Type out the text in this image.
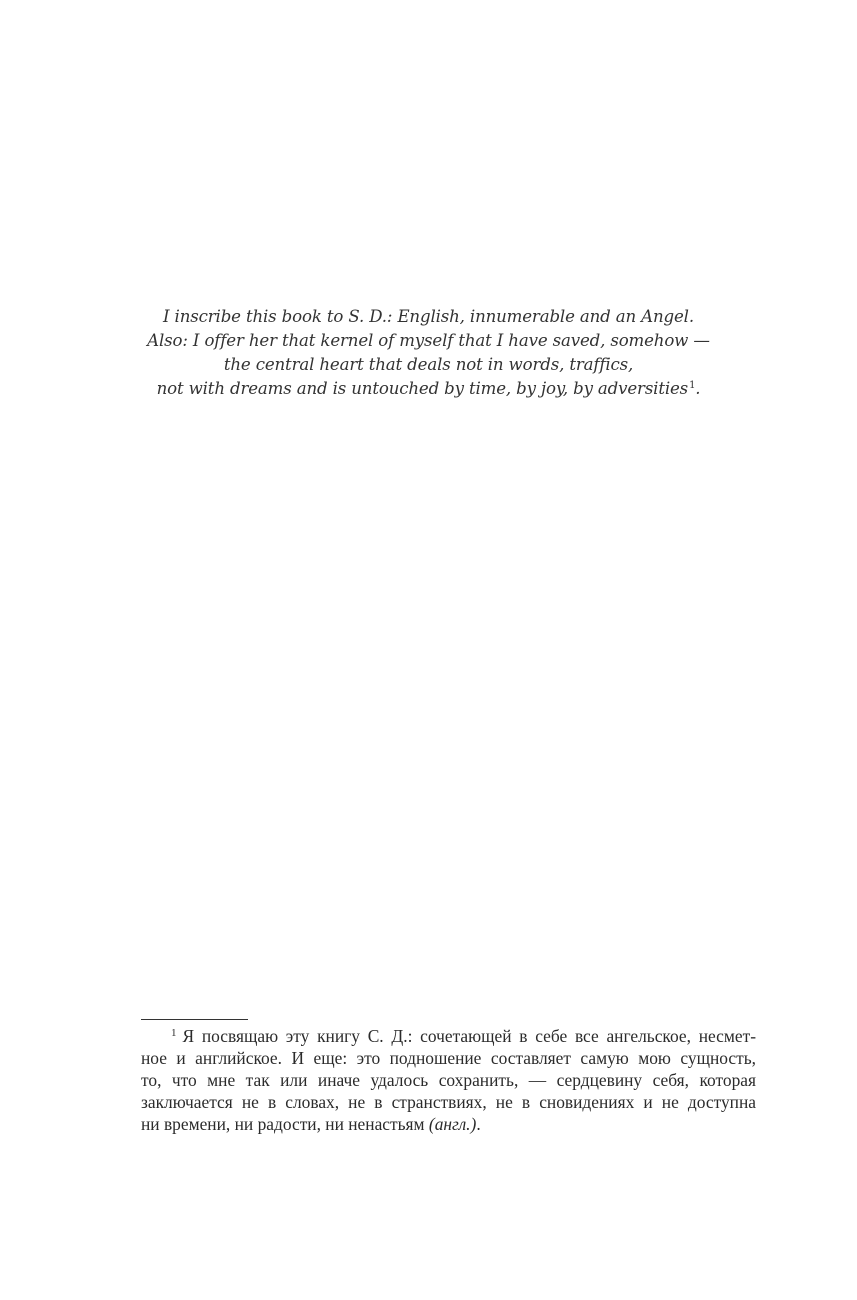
I inscribe this book to S. D.: English, innumerable and an Angel.
Also: I offer her that kernel of myself that I have saved, somehow —
the central heart that deals not in words, traffics,
not with dreams and is untouched by time, by joy, by adversities$^1$.
$^1$ Я посвящаю эту книгу С. Д.: сочетающей в себе все ангельское, несмет-
ное и английское. И еще: это подношение составляет самую мою сущность,
то, что мне так или иначе удалось сохранить, — сердцевину себя, которая
заключается не в словах, не в странствиях, не в сновидениях и не доступна
ни времени, ни радости, ни ненастьям (англ.).
